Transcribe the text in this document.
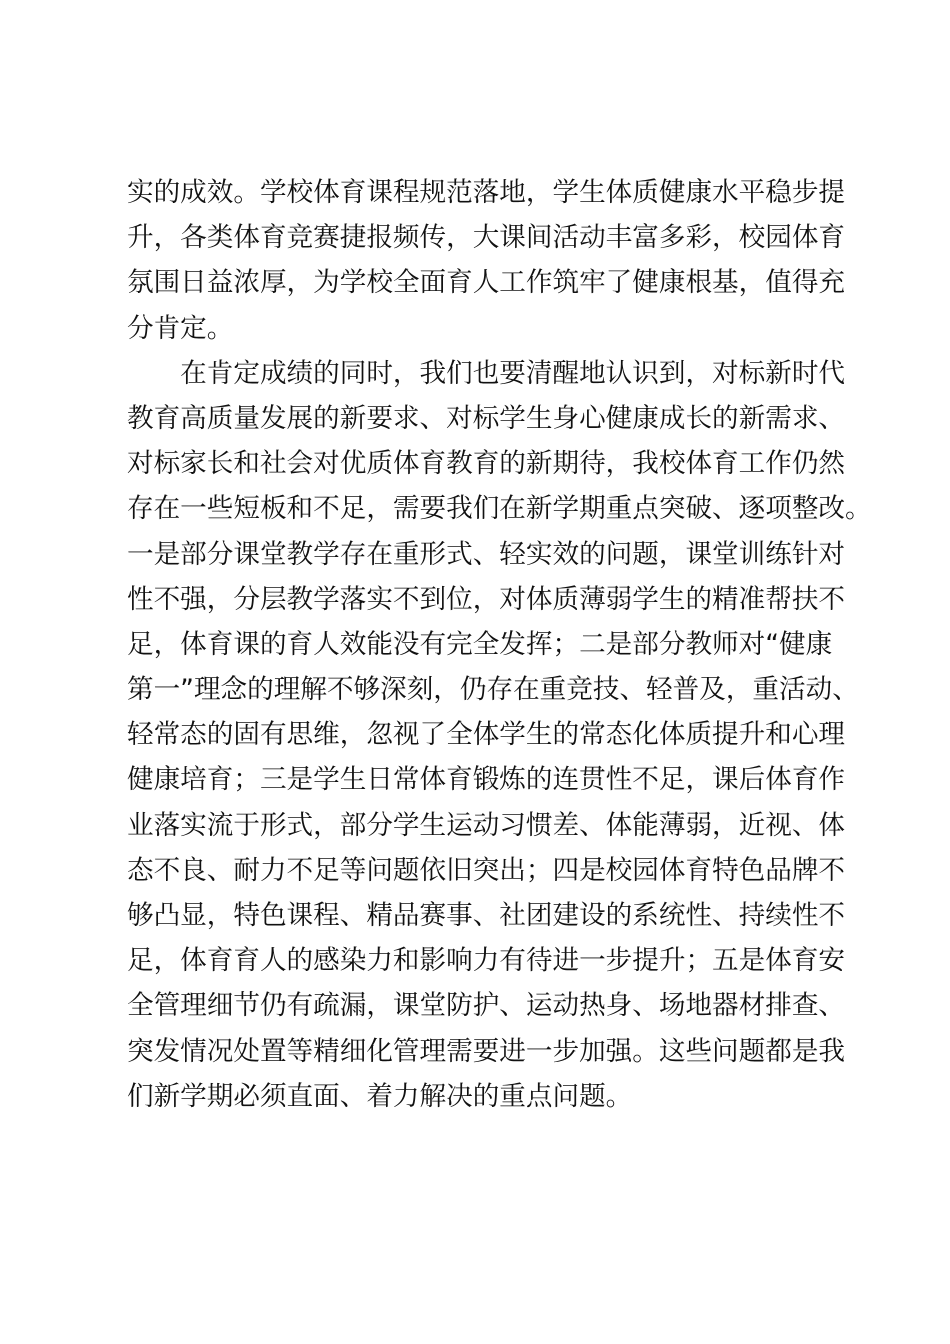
实的成效。学校体育课程规范落地，学生体质健康水平稳步提
升，各类体育竞赛捷报频传，大课间活动丰富多彩，校园体育
氛围日益浓厚，为学校全面育人工作筑牢了健康根基，值得充
分肯定。
　　在肯定成绩的同时，我们也要清醒地认识到，对标新时代
教育高质量发展的新要求、对标学生身心健康成长的新需求、
对标家长和社会对优质体育教育的新期待，我校体育工作仍然
存在一些短板和不足，需要我们在新学期重点突破、逐项整改。
一是部分课堂教学存在重形式、轻实效的问题，课堂训练针对
性不强，分层教学落实不到位，对体质薄弱学生的精准帮扶不
足，体育课的育人效能没有完全发挥；二是部分教师对“健康
第一”理念的理解不够深刻，仍存在重竞技、轻普及，重活动、
轻常态的固有思维，忽视了全体学生的常态化体质提升和心理
健康培育；三是学生日常体育锻炼的连贯性不足，课后体育作
业落实流于形式，部分学生运动习惯差、体能薄弱，近视、体
态不良、耐力不足等问题依旧突出；四是校园体育特色品牌不
够凸显，特色课程、精品赛事、社团建设的系统性、持续性不
足，体育育人的感染力和影响力有待进一步提升；五是体育安
全管理细节仍有疏漏，课堂防护、运动热身、场地器材排查、
突发情况处置等精细化管理需要进一步加强。这些问题都是我
们新学期必须直面、着力解决的重点问题。
